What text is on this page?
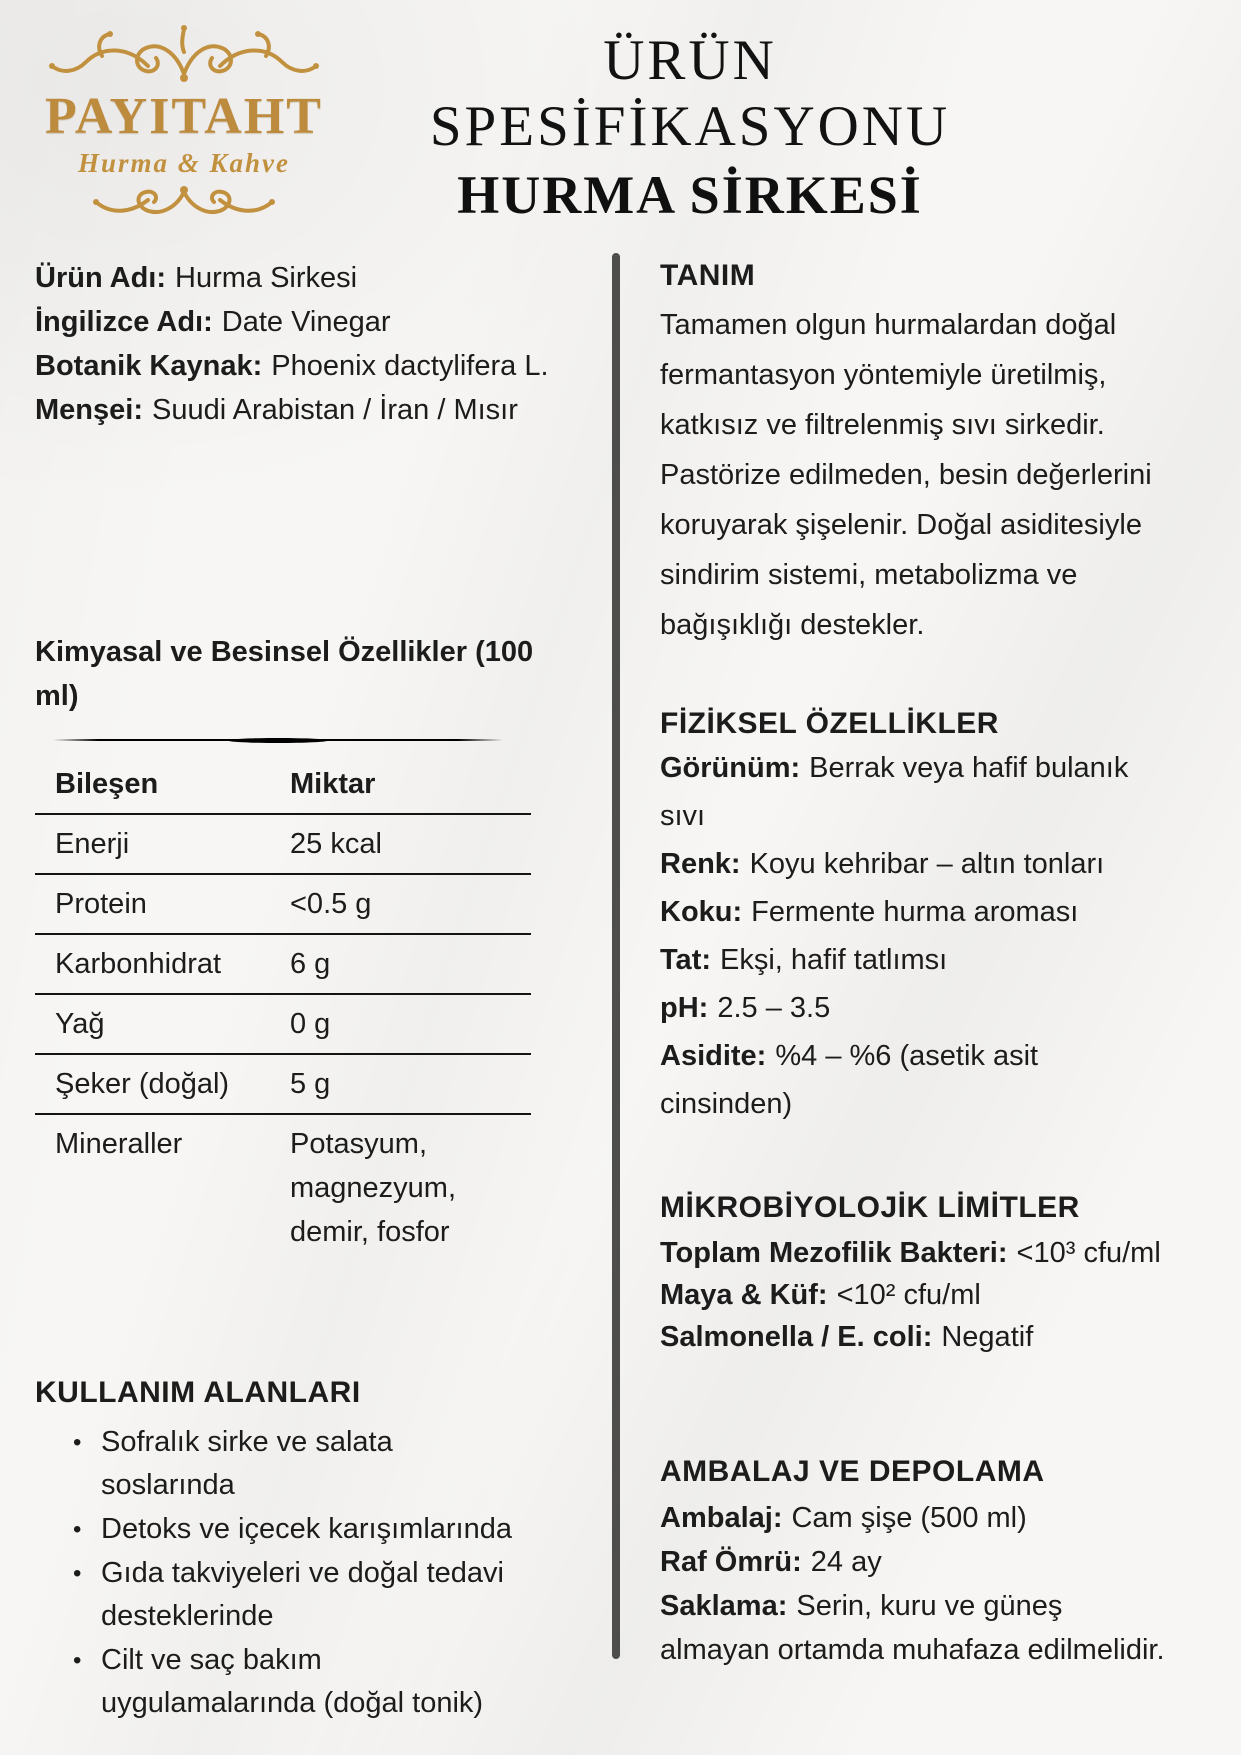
PAYITAHT
Hurma & Kahve
ÜRÜN SPESİFİKASYONU
HURMA SİRKESİ

Ürün Adı: Hurma Sirkesi

İngilizce Adı: Date Vinegar

Botanik Kaynak: Phoenix dactylifera L.

Menşei: Suudi Arabistan / İran / Mısır

Kimyasal ve Besinsel Özellikler (100 ml)
Bileşen	Miktar
Enerji	25 kcal
Protein	<0.5 g
Karbonhidrat	6 g
Yağ	0 g
Şeker (doğal)	5 g
Mineraller	Potasyum, magnezyum, demir, fosfor
KULLANIM ALANLARI
• Sofralık sirke ve salata soslarında
• Detoks ve içecek karışımlarında
• Gıda takviyeleri ve doğal tedavi desteklerinde
• Cilt ve saç bakım uygulamalarında (doğal tonik)
TANIM

Tamamen olgun hurmalardan doğal fermantasyon yöntemiyle üretilmiş, katkısız ve filtrelenmiş sıvı sirkedir. Pastörize edilmeden, besin değerlerini koruyarak şişelenir. Doğal asiditesiyle sindirim sistemi, metabolizma ve bağışıklığı destekler.

FİZİKSEL ÖZELLİKLER

Görünüm: Berrak veya hafif bulanık sıvı

Renk: Koyu kehribar – altın tonları

Koku: Fermente hurma aroması

Tat: Ekşi, hafif tatlımsı

pH: 2.5 – 3.5

Asidite: %4 – %6 (asetik asit cinsinden)

MİKROBİYOLOJİK LİMİTLER

Toplam Mezofilik Bakteri: <10³ cfu/ml

Maya & Küf: <10² cfu/ml

Salmonella / E. coli: Negatif

AMBALAJ VE DEPOLAMA

Ambalaj: Cam şişe (500 ml)

Raf Ömrü: 24 ay

Saklama: Serin, kuru ve güneş almayan ortamda muhafaza edilmelidir.
